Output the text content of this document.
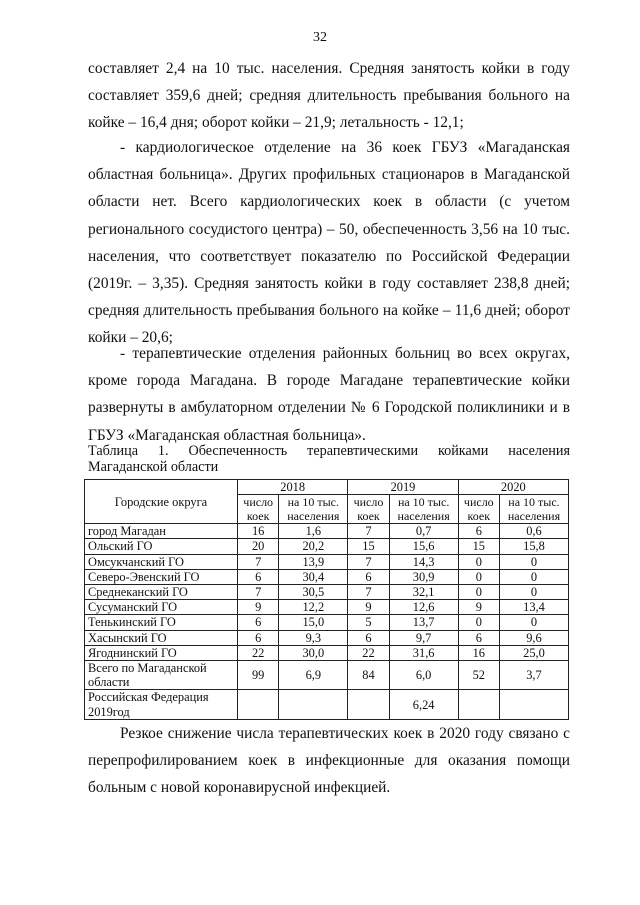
32

составляет 2,4 на 10 тыс. населения. Средняя занятость койки в году составляет 359,6 дней; средняя длительность пребывания больного на койке – 16,4 дня; оборот койки – 21,9; летальность - 12,1;

- кардиологическое отделение на 36 коек ГБУЗ «Магаданская областная больница». Других профильных стационаров в Магаданской области нет. Всего кардиологических коек в области (с учетом регионального сосудистого центра) – 50, обеспеченность 3,56 на 10 тыс. населения, что соответствует показателю по Российской Федерации (2019г. – 3,35). Средняя занятость койки в году составляет 238,8 дней; средняя длительность пребывания больного на койке – 11,6 дней; оборот койки – 20,6;

- терапевтические отделения районных больниц во всех округах, кроме города Магадана. В городе Магадане терапевтические койки развернуты в амбулаторном отделении № 6 Городской поликлиники и в ГБУЗ «Магаданская областная больница».

Таблица 1. Обеспеченность терапевтическими койками населения Магаданской области

Городские округа	2018		2019		2020	
	число коек	на 10 тыс. населения	число коек	на 10 тыс. населения	число коек	на 10 тыс. населения
город Магадан	16	1,6	7	0,7	6	0,6
Ольский ГО	20	20,2	15	15,6	15	15,8
Омсукчанский ГО	7	13,9	7	14,3	0	0
Северо-Эвенский ГО	6	30,4	6	30,9	0	0
Среднеканский ГО	7	30,5	7	32,1	0	0
Сусуманский ГО	9	12,2	9	12,6	9	13,4
Тенькинский ГО	6	15,0	5	13,7	0	0
Хасынский ГО	6	9,3	6	9,7	6	9,6
Ягоднинский ГО	22	30,0	22	31,6	16	25,0
Всего по Магаданской области	99	6,9	84	6,0	52	3,7
Российская Федерация 2019год				6,24		

Резкое снижение числа терапевтических коек в 2020 году связано с перепрофилированием коек в инфекционные для оказания помощи больным с новой коронавирусной инфекцией.
